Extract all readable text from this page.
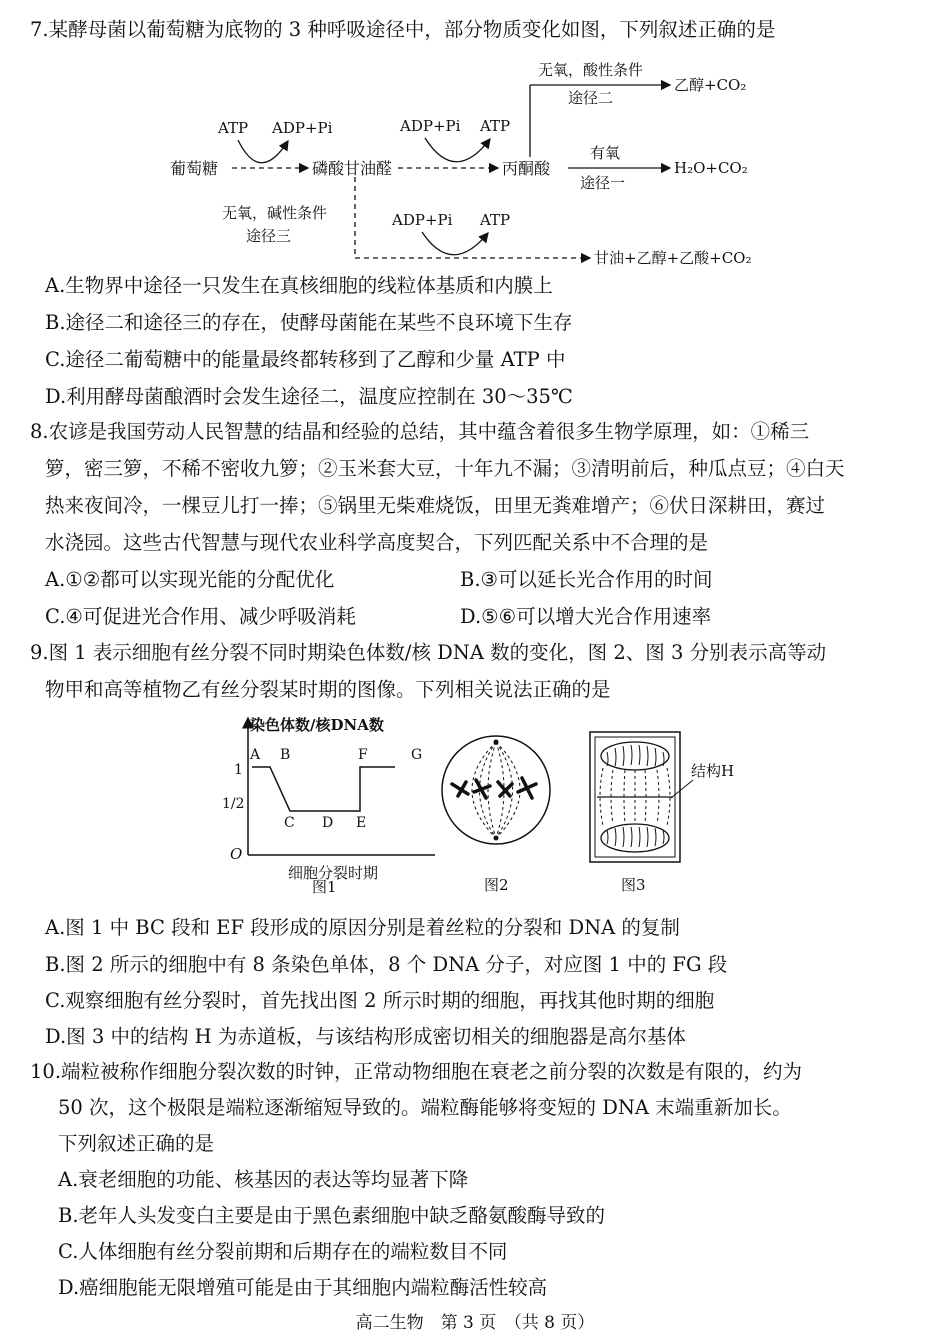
7.某酵母菌以葡萄糖为底物的 3 种呼吸途径中，部分物质变化如图，下列叙述正确的是
葡萄糖	磷酸甘油醛	丙酮酸
ATP ADP+Pi	ADP+Pi ATP
无氧，酸性条件
途径二
乙醇+CO₂
有氧
途径一
H₂O+CO₂
无氧，碱性条件
途径三
ADP+Pi ATP
甘油+乙醇+乙酸+CO₂
A.生物界中途径一只发生在真核细胞的线粒体基质和内膜上
B.途径二和途径三的存在，使酵母菌能在某些不良环境下生存
C.途径二葡萄糖中的能量最终都转移到了乙醇和少量 ATP 中
D.利用酵母菌酿酒时会发生途径二，温度应控制在 30～35℃
8.农谚是我国劳动人民智慧的结晶和经验的总结，其中蕴含着很多生物学原理，如：①稀三
箩，密三箩，不稀不密收九箩；②玉米套大豆，十年九不漏；③清明前后，种瓜点豆；④白天
热来夜间冷，一棵豆儿打一捧；⑤锅里无柴难烧饭，田里无粪难增产；⑥伏日深耕田，赛过
水浇园。这些古代智慧与现代农业科学高度契合，下列匹配关系中不合理的是
A.①②都可以实现光能的分配优化	B.③可以延长光合作用的时间
C.④可促进光合作用、减少呼吸消耗	D.⑤⑥可以增大光合作用速率
9.图 1 表示细胞有丝分裂不同时期染色体数/核 DNA 数的变化，图 2、图 3 分别表示高等动
物甲和高等植物乙有丝分裂某时期的图像。下列相关说法正确的是
染色体数/核DNA数
细胞分裂时期
O
1
1/2
A B
C D E
F	G
图1	图2
结构H
图3
A.图 1 中 BC 段和 EF 段形成的原因分别是着丝粒的分裂和 DNA 的复制
B.图 2 所示的细胞中有 8 条染色单体，8 个 DNA 分子，对应图 1 中的 FG 段
C.观察细胞有丝分裂时，首先找出图 2 所示时期的细胞，再找其他时期的细胞
D.图 3 中的结构 H 为赤道板，与该结构形成密切相关的细胞器是高尔基体
10.端粒被称作细胞分裂次数的时钟，正常动物细胞在衰老之前分裂的次数是有限的，约为
50 次，这个极限是端粒逐渐缩短导致的。端粒酶能够将变短的 DNA 末端重新加长。
下列叙述正确的是
A.衰老细胞的功能、核基因的表达等均显著下降
B.老年人头发变白主要是由于黑色素细胞中缺乏酪氨酸酶导致的
C.人体细胞有丝分裂前期和后期存在的端粒数目不同
D.癌细胞能无限增殖可能是由于其细胞内端粒酶活性较高
高二生物　第 3 页　（共 8 页）
